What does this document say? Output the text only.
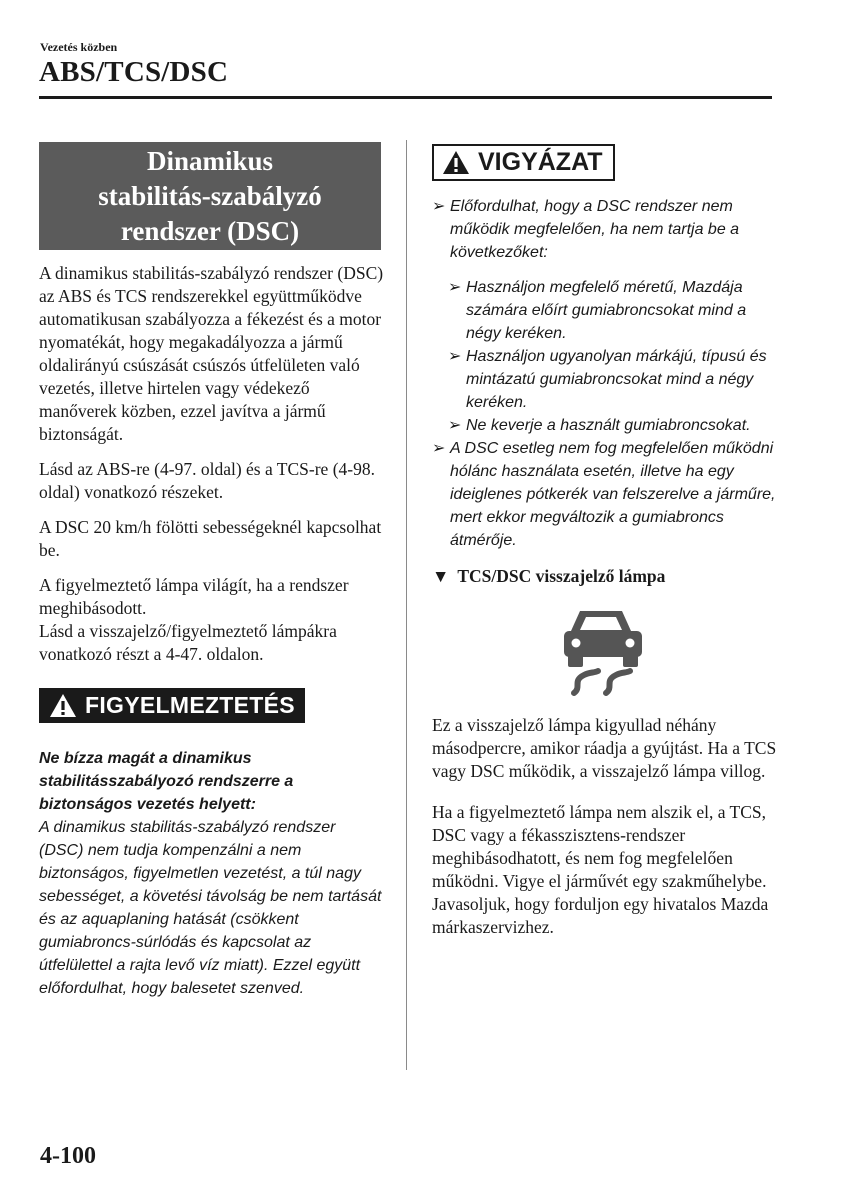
Vezetés közben
ABS/TCS/DSC
Dinamikus
stabilitás-szabályzó
rendszer (DSC)

A dinamikus stabilitás-szabályzó rendszer (DSC) az ABS és TCS rendszerekkel együttműködve automatikusan szabályozza a fékezést és a motor nyomatékát, hogy megakadályozza a jármű oldalirányú csúszását csúszós útfelületen való vezetés, illetve hirtelen vagy védekező manőverek közben, ezzel javítva a jármű biztonságát.

Lásd az ABS-re (4-97. oldal) és a TCS-re (4-98. oldal) vonatkozó részeket.

A DSC 20 km/h fölötti sebességeknél kapcsolhat be.

A figyelmeztető lámpa világít, ha a rendszer meghibásodott.

Lásd a visszajelző/figyelmeztető lámpákra vonatkozó részt a 4-47. oldalon.

FIGYELMEZTETÉS
Ne bízza magát a dinamikus stabilitásszabályozó rendszerre a biztonságos vezetés helyett:
A dinamikus stabilitás-szabályzó rendszer (DSC) nem tudja kompenzálni a nem biztonságos, figyelmetlen vezetést, a túl nagy sebességet, a követési távolság be nem tartását és az aquaplaning hatását (csökkent gumiabroncs-súrlódás és kapcsolat az útfelülettel a rajta levő víz miatt). Ezzel együtt előfordulhat, hogy balesetet szenved.
VIGYÁZAT
➢ Előfordulhat, hogy a DSC rendszer nem működik megfelelően, ha nem tartja be a következőket:
➢ Használjon megfelelő méretű, Mazdája számára előírt gumiabroncsokat mind a négy keréken.
➢ Használjon ugyanolyan márkájú, típusú és mintázatú gumiabroncsokat mind a négy keréken.
➢ Ne keverje a használt gumiabroncsokat.
➢ A DSC esetleg nem fog megfelelően működni hólánc használata esetén, illetve ha egy ideiglenes pótkerék van felszerelve a járműre, mert ekkor megváltozik a gumiabroncs átmérője.
▼ TCS/DSC visszajelző lámpa

Ez a visszajelző lámpa kigyullad néhány másodpercre, amikor ráadja a gyújtást. Ha a TCS vagy DSC működik, a visszajelző lámpa villog.

Ha a figyelmeztető lámpa nem alszik el, a TCS, DSC vagy a fékasszisztens-rendszer meghibásodhatott, és nem fog megfelelően működni. Vigye el járművét egy szakműhelybe. Javasoljuk, hogy forduljon egy hivatalos Mazda márkaszervizhez.

4-100
